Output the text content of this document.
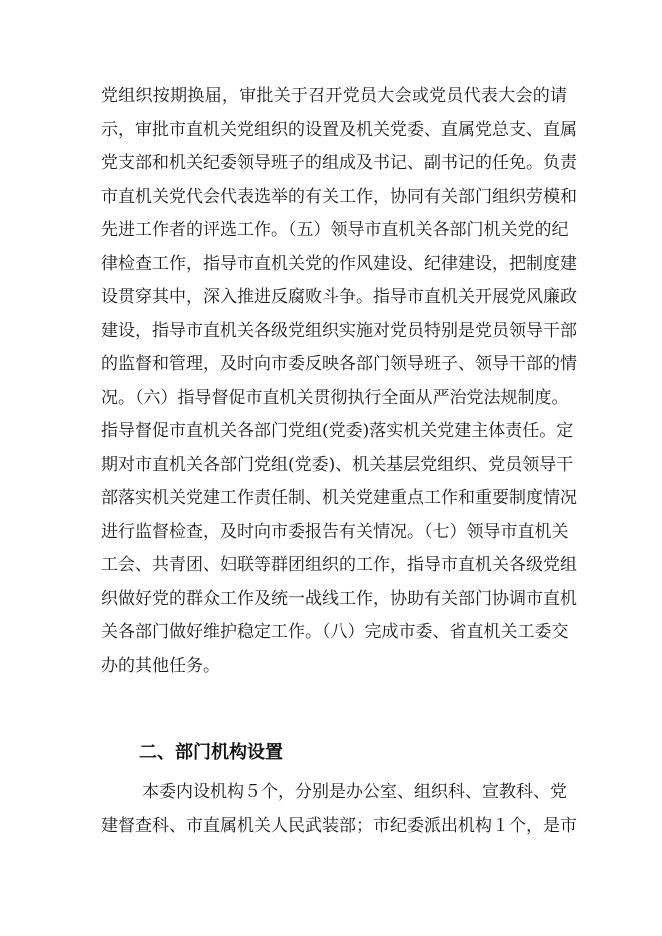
党组织按期换届，审批关于召开党员大会或党员代表大会的请
示，审批市直机关党组织的设置及机关党委、直属党总支、直属
党支部和机关纪委领导班子的组成及书记、副书记的任免。负责
市直机关党代会代表选举的有关工作，协同有关部门组织劳模和
先进工作者的评选工作。（五）领导市直机关各部门机关党的纪
律检查工作，指导市直机关党的作风建设、纪律建设，把制度建
设贯穿其中，深入推进反腐败斗争。指导市直机关开展党风廉政
建设，指导市直机关各级党组织实施对党员特别是党员领导干部
的监督和管理，及时向市委反映各部门领导班子、领导干部的情
况。（六）指导督促市直机关贯彻执行全面从严治党法规制度。
指导督促市直机关各部门党组(党委)落实机关党建主体责任。定
期对市直机关各部门党组(党委)、机关基层党组织、党员领导干
部落实机关党建工作责任制、机关党建重点工作和重要制度情况
进行监督检查，及时向市委报告有关情况。（七）领导市直机关
工会、共青团、妇联等群团组织的工作，指导市直机关各级党组
织做好党的群众工作及统一战线工作，协助有关部门协调市直机
关各部门做好维护稳定工作。（八）完成市委、省直机关工委交
办的其他任务。
二、部门机构设置
本委内设机构５个，分别是办公室、组织科、宣教科、党
建督查科、市直属机关人民武装部；市纪委派出机构１个，是市
